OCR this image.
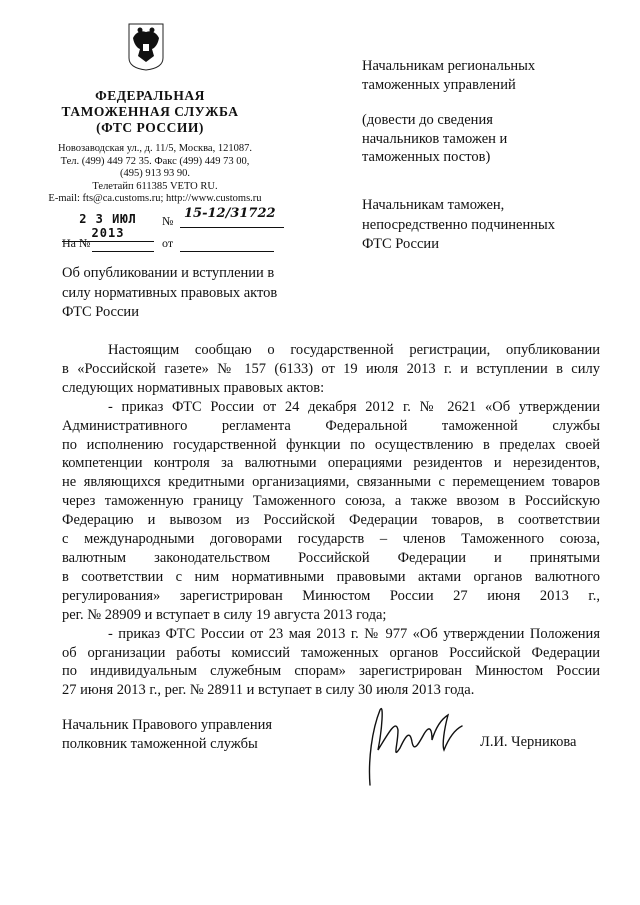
ФЕДЕРАЛЬНАЯ
ТАМОЖЕННАЯ СЛУЖБА
(ФТС РОССИИ)
Новозаводская ул., д. 11/5, Москва, 121087.
Тел. (499) 449 72 35. Факс (499) 449 73 00,
(495) 913 93 90.
Телетайп 611385 VETO RU.
E-mail: fts@ca.customs.ru; http://www.customs.ru
2 3 ИЮЛ 2013
№ 15-12/31722
На №	от
Об опубликовании и вступлении в
силу нормативных правовых актов
ФТС России
Начальникам региональных
таможенных управлений
(довести до сведения
начальников таможен и
таможенных постов)
Начальникам таможен,
непосредственно подчиненных
ФТС России
Настоящим сообщаю о государственной регистрации, опубликовании
в «Российской газете» № 157 (6133) от 19 июля 2013 г. и вступлении в силу
следующих нормативных правовых актов:
- приказ ФТС России от 24 декабря 2012 г. № 2621 «Об утверждении
Административного регламента Федеральной таможенной службы
по исполнению государственной функции по осуществлению в пределах своей
компетенции контроля за валютными операциями резидентов и нерезидентов,
не являющихся кредитными организациями, связанными с перемещением товаров
через таможенную границу Таможенного союза, а также ввозом в Российскую
Федерацию и вывозом из Российской Федерации товаров, в соответствии
с международными договорами государств – членов Таможенного союза,
валютным законодательством Российской Федерации и принятыми
в соответствии с ним нормативными правовыми актами органов валютного
регулирования» зарегистрирован Минюстом России 27 июня 2013 г.,
рег. № 28909 и вступает в силу 19 августа 2013 года;
- приказ ФТС России от 23 мая 2013 г. № 977 «Об утверждении Положения
об организации работы комиссий таможенных органов Российской Федерации
по индивидуальным служебным спорам» зарегистрирован Минюстом России
27 июня 2013 г., рег. № 28911 и вступает в силу 30 июля 2013 года.
Начальник Правового управления
полковник таможенной службы	Л.И. Черникова
